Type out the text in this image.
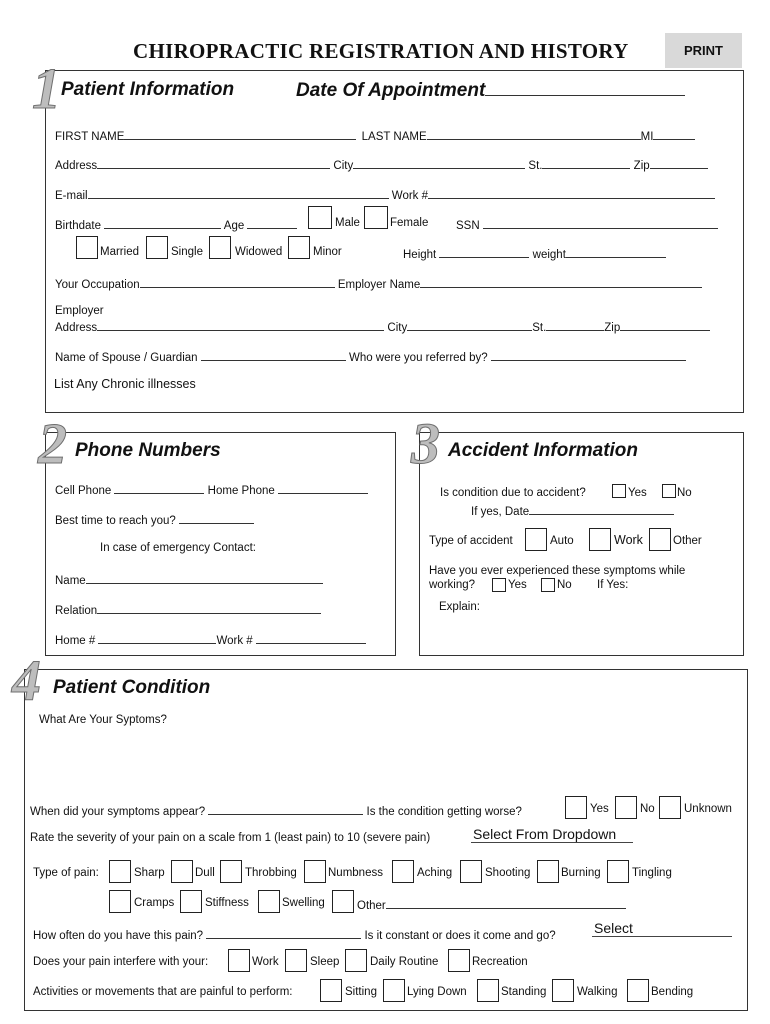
CHIROPRACTIC REGISTRATION AND HISTORY	PRINT
1 Patient Information	Date Of Appointment
FIRST NAME	LAST NAME	MI
Address	City	St.	Zip
E-mail	Work #
Birthdate	Age	Male	Female SSN
Married	Single	Widowed	Minor	Height	weight
Your Occupation	Employer Name
Employer
Address	City	St.	Zip
Name of Spouse / Guardian	Who were you referred by?
List Any Chronic illnesses
2 Phone Numbers
Cell Phone	Home Phone
Best time to reach you?
In case of emergency Contact:
Name
Relation
Home #	Work #
3 Accident Information
Is condition due to accident?	Yes	No
If yes, Date
Type of accident	Auto	Work	Other
Have you ever experienced these symptoms while
working?	Yes	No If Yes:
Explain:
4 Patient Condition
What Are Your Syptoms?
When did your symptoms appear?	Is the condition getting worse?	Yes	No	Unknown
Rate the severity of your pain on a scale from 1 (least pain) to 10 (severe pain)	Select From Dropdown
Type of pain:	Sharp	Dull	Throbbing	Numbness	Aching	Shooting	Burning	Tingling
Cramps	Stiffness	Swelling	Other
How often do you have this pain?	Is it constant or does it come and go?	Select
Does your pain interfere with your:	Work	Sleep	Daily Routine	Recreation
Activities or movements that are painful to perform:	Sitting	Lying Down	Standing	Walking	Bending
